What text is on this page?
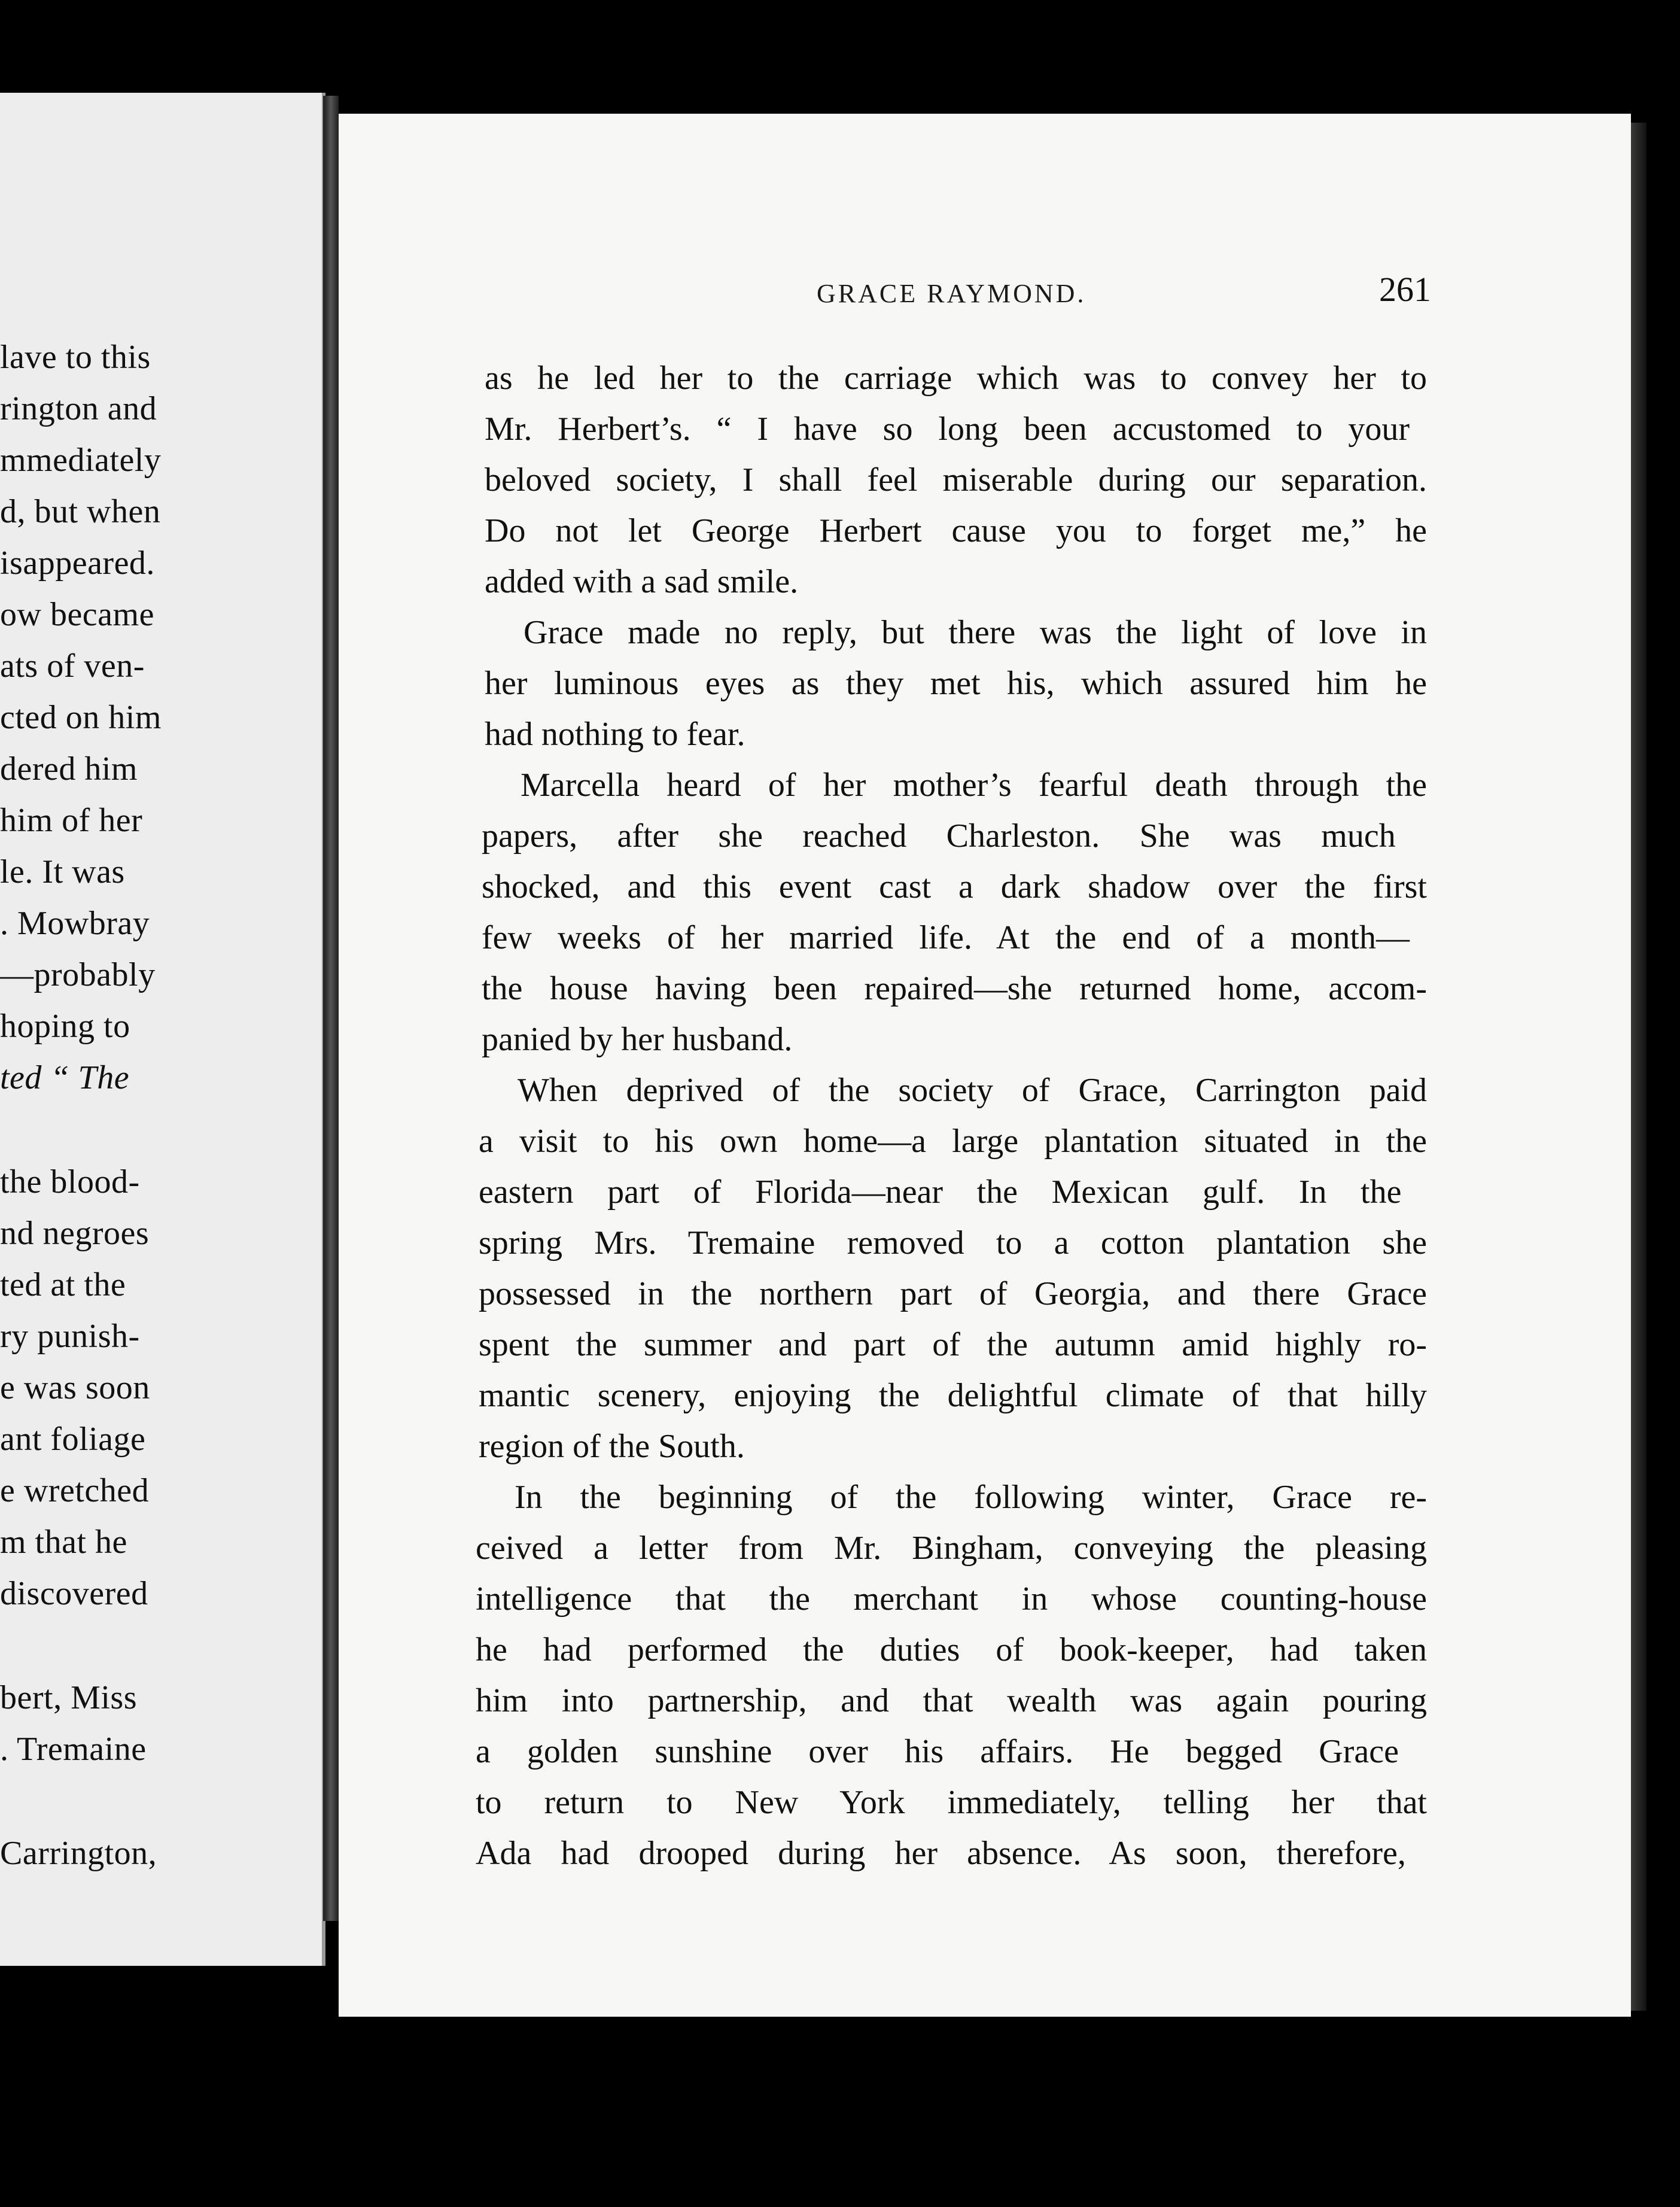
lave to this
rington and
mmediately
d, but when
isappeared.
ow became
ats of ven-
cted on him
dered him
him of her
le. It was
. Mowbray
—probably
hoping to
ted “ The
the blood-
nd negroes
ted at the
ry punish-
e was soon
ant foliage
e wretched
m that he
discovered
bert, Miss
. Tremaine
Carrington,
GRACE RAYMOND.	261
as he led her to the carriage which was to convey her to
Mr. Herbert’s. “ I have so long been accustomed to your
beloved society, I shall feel miserable during our separation.
Do not let George Herbert cause you to forget me,” he
added with a sad smile.
Grace made no reply, but there was the light of love in
her luminous eyes as they met his, which assured him he
had nothing to fear.
Marcella heard of her mother’s fearful death through the
papers, after she reached Charleston. She was much
shocked, and this event cast a dark shadow over the first
few weeks of her married life. At the end of a month—
the house having been repaired—she returned home, accom-
panied by her husband.
When deprived of the society of Grace, Carrington paid
a visit to his own home—a large plantation situated in the
eastern part of Florida—near the Mexican gulf. In the
spring Mrs. Tremaine removed to a cotton plantation she
possessed in the northern part of Georgia, and there Grace
spent the summer and part of the autumn amid highly ro-
mantic scenery, enjoying the delightful climate of that hilly
region of the South.
In the beginning of the following winter, Grace re-
ceived a letter from Mr. Bingham, conveying the pleasing
intelligence that the merchant in whose counting-house
he had performed the duties of book-keeper, had taken
him into partnership, and that wealth was again pouring
a golden sunshine over his affairs. He begged Grace
to return to New York immediately, telling her that
Ada had drooped during her absence. As soon, therefore,
